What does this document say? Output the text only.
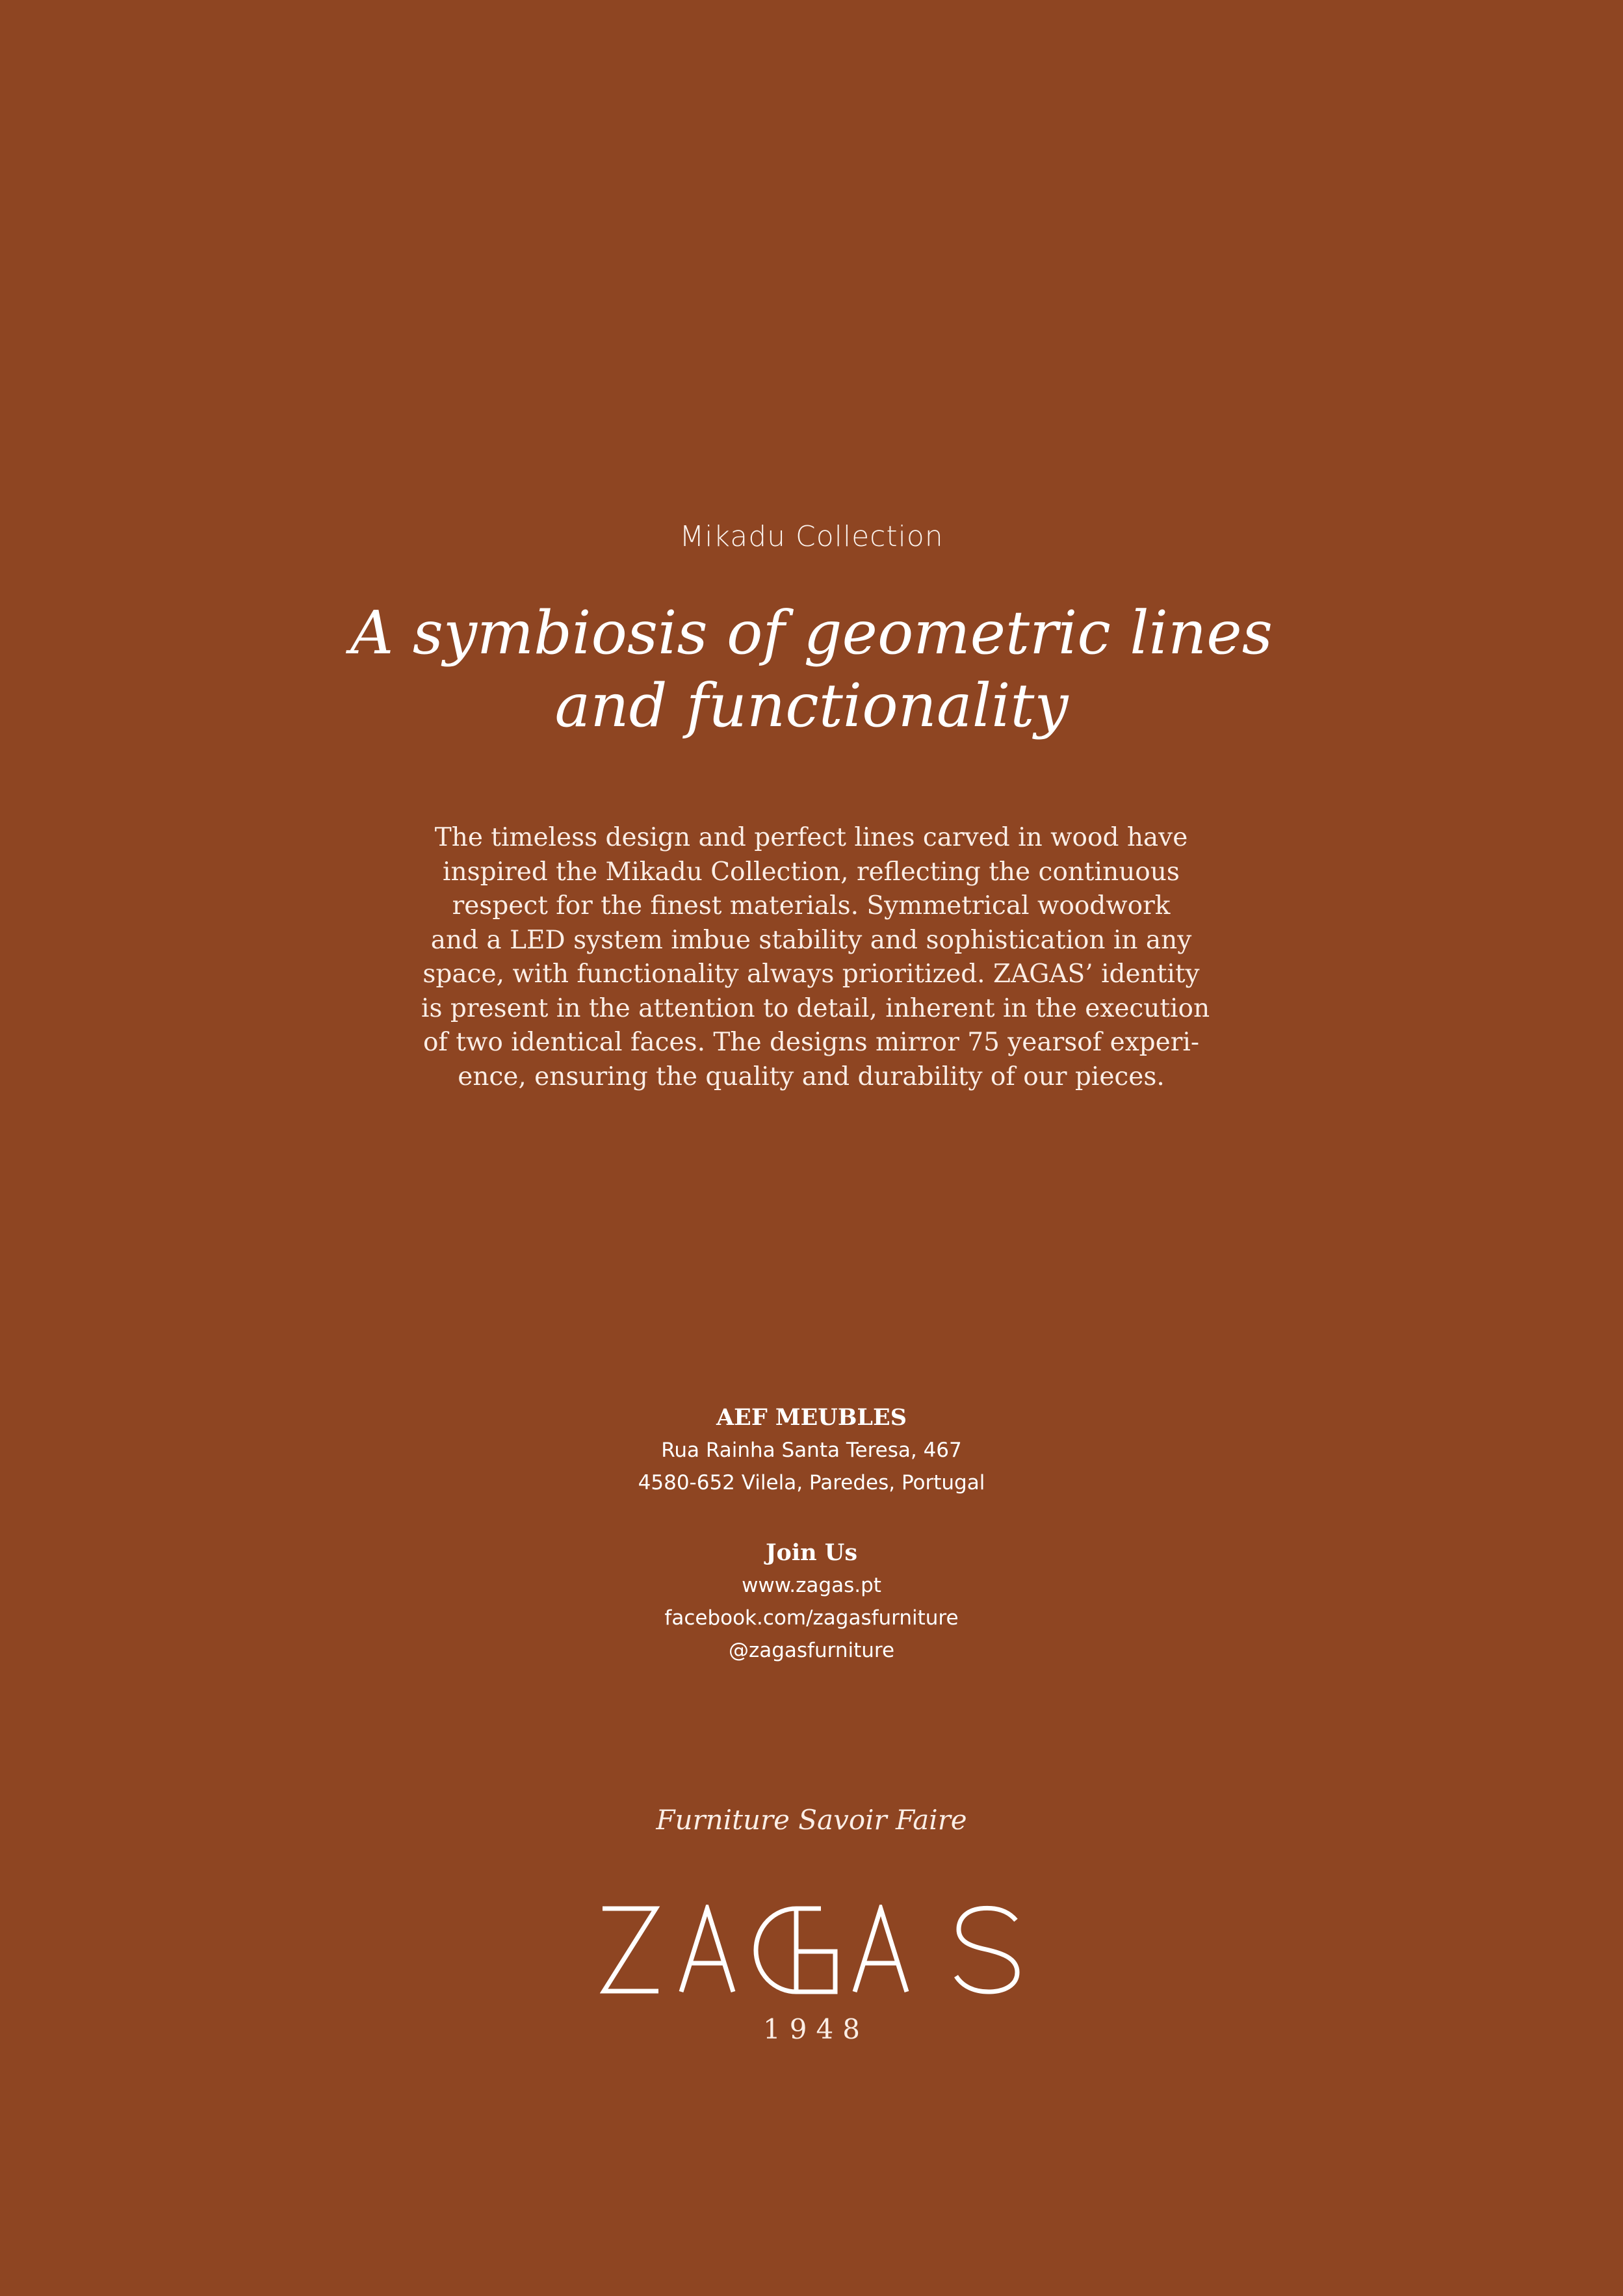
Mikadu Collection
A symbiosis of geometric lines
and functionality
The timeless design and perfect lines carved in wood have
inspired the Mikadu Collection, reflecting the continuous
respect for the finest materials. Symmetrical woodwork
and a LED system imbue stability and sophistication in any
space, with functionality always prioritized. ZAGAS’ identity
is present in the attention to detail, inherent in the execution
of two identical faces. The designs mirror 75 yearsof experi-
ence, ensuring the quality and durability of our pieces.
AEF MEUBLES
Rua Rainha Santa Teresa, 467
4580-652 Vilela, Paredes, Portugal
Join Us
www.zagas.pt
facebook.com/zagasfurniture
@zagasfurniture
Furniture Savoir Faire
1948
